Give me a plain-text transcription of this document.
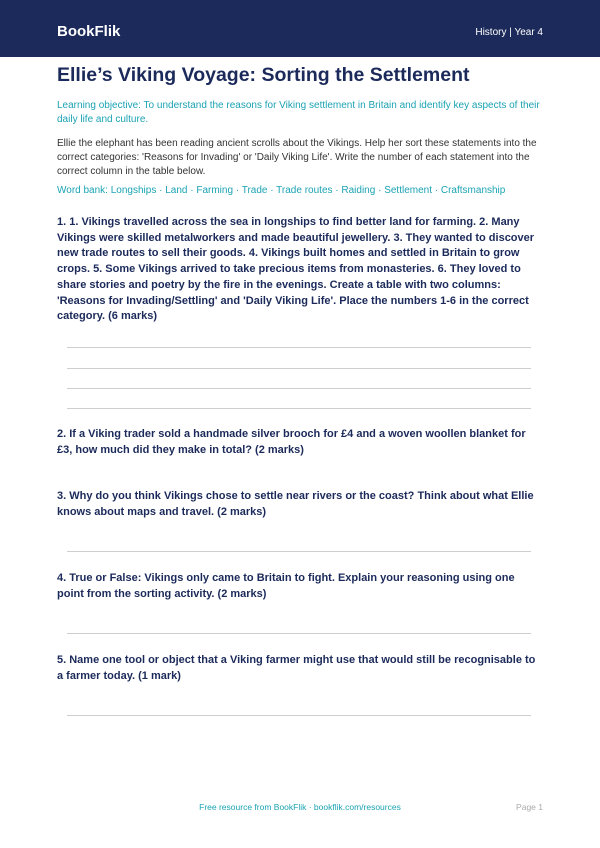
BookFlik	History | Year 4
Ellie’s Viking Voyage: Sorting the Settlement

Learning objective: To understand the reasons for Viking settlement in Britain and identify key aspects of their daily life and culture.

Ellie the elephant has been reading ancient scrolls about the Vikings. Help her sort these statements into the correct categories: 'Reasons for Invading' or 'Daily Viking Life'. Write the number of each statement into the correct column in the table below.

Word bank: Longships · Land · Farming · Trade · Trade routes · Raiding · Settlement · Craftsmanship

1. 1. Vikings travelled across the sea in longships to find better land for farming. 2. Many Vikings were skilled metalworkers and made beautiful jewellery. 3. They wanted to discover new trade routes to sell their goods. 4. Vikings built homes and settled in Britain to grow crops. 5. Some Vikings arrived to take precious items from monasteries. 6. They loved to share stories and poetry by the fire in the evenings. Create a table with two columns: 'Reasons for Invading/Settling' and 'Daily Viking Life'. Place the numbers 1-6 in the correct category. (6 marks)

2. If a Viking trader sold a handmade silver brooch for £4 and a woven woollen blanket for £3, how much did they make in total? (2 marks)

3. Why do you think Vikings chose to settle near rivers or the coast? Think about what Ellie knows about maps and travel. (2 marks)

4. True or False: Vikings only came to Britain to fight. Explain your reasoning using one point from the sorting activity. (2 marks)

5. Name one tool or object that a Viking farmer might use that would still be recognisable to a farmer today. (1 mark)

Free resource from BookFlik · bookflik.com/resources	Page 1
